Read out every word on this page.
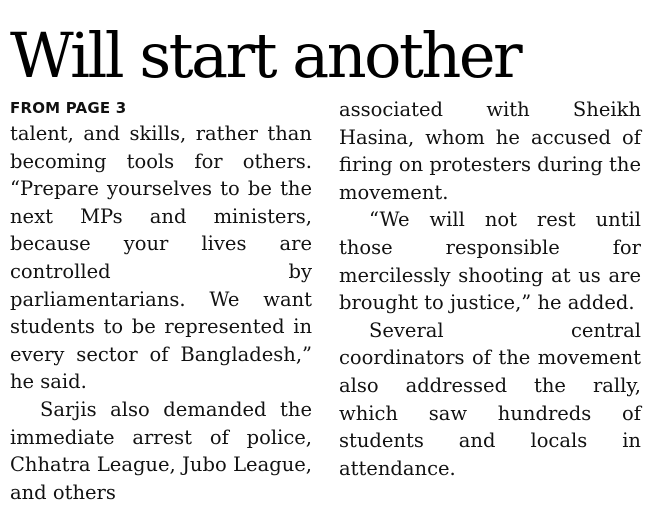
Will start another
FROM PAGE 3

talent, and skills, rather than becoming tools for others. “Prepare yourselves to be the next MPs and ministers, because your lives are controlled by parliamentarians. We want students to be represented in every sector of Bangladesh,” he said.

Sarjis also demanded the immediate arrest of police, Chhatra League, Jubo League, and others

associated with Sheikh Hasina, whom he accused of firing on protesters during the movement.

“We will not rest until those responsible for mercilessly shooting at us are brought to justice,” he added.

Several central coordinators of the movement also addressed the rally, which saw hundreds of students and locals in attendance.
